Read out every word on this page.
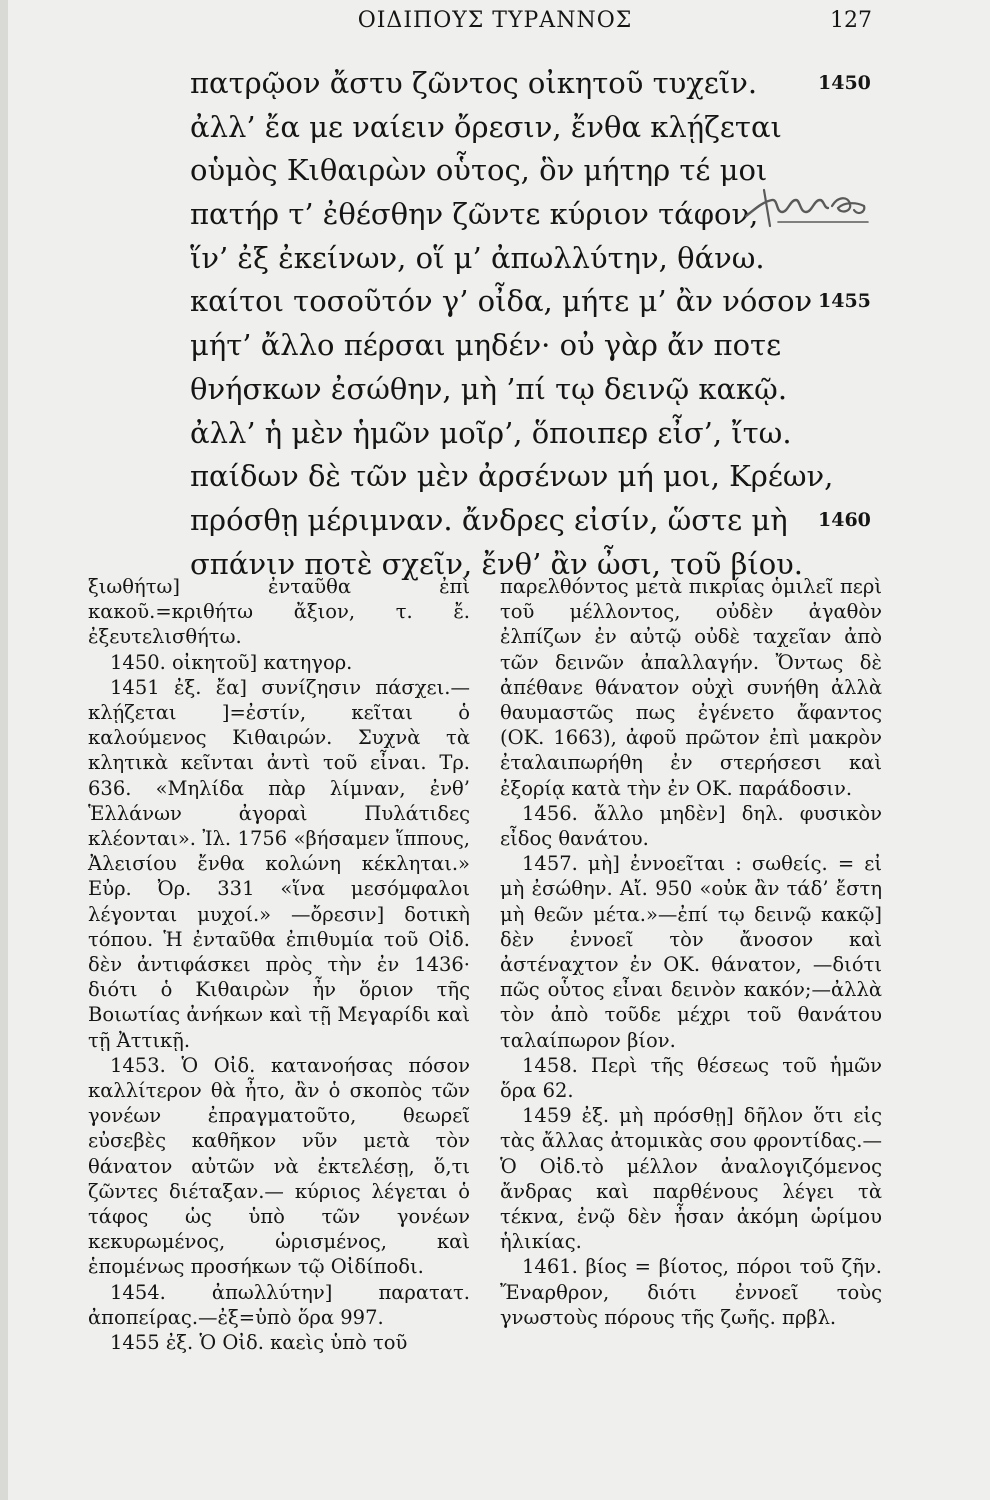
ΟΙΔΙΠΟΥΣ ΤΥΡΑΝΝΟΣ	127
πατρῷον ἄστυ ζῶντος οἰκητοῦ τυχεῖν.	1450
ἀλλ’ ἔα με ναίειν ὄρεσιν, ἔνθα κλῄζεται
οὑμὸς Κιθαιρὼν οὗτος, ὃν μήτηρ τέ μοι
πατήρ τ’ ἐθέσθην ζῶντε κύριον τάφον,
ἵν’ ἐξ ἐκείνων, οἵ μ’ ἀπωλλύτην, θάνω.
καίτοι τοσοῦτόν γ’ οἶδα, μήτε μ’ ἂν νόσον 1455
μήτ’ ἄλλο πέρσαι μηδέν· οὐ γὰρ ἄν ποτε
θνήσκων ἐσώθην, μὴ ’πί τῳ δεινῷ κακῷ.
ἀλλ’ ἡ μὲν ἡμῶν μοῖρ’, ὅποιπερ εἶσ’, ἴτω.
παίδων δὲ τῶν μὲν ἀρσένων μή μοι, Κρέων,
πρόσθῃ μέριμναν. ἄνδρες εἰσίν, ὥστε μὴ 1460
σπάνιν ποτὲ σχεῖν, ἔνθ’ ἂν ὦσι, τοῦ βίου.

ξιωθήτω] ἐνταῦθα ἐπὶ κακοῦ.=κριθήτω ἄξιον, τ. ἔ. ἐξευτελισθήτω.

1450. οἰκητοῦ] κατηγορ.

1451 ἐξ. ἔα] συνίζησιν πάσχει.— κλῄζεται ]=ἐστίν, κεῖται ὁ καλούμενος Κιθαιρών. Συχνὰ τὰ κλητικὰ κεῖνται ἀντὶ τοῦ εἶναι. Τρ. 636. «Μηλίδα πὰρ λίμναν, ἐνθ’ Ἑλλάνων ἀγοραὶ Πυλάτιδες κλέονται». Ἰλ. 1756 «βήσαμεν ἵππους, Ἀλεισίου ἔνθα κολώνη κέκληται.» Εὐρ. Ὀρ. 331 «ἵνα μεσόμφαλοι λέγονται μυχοί.» —ὄρεσιν] δοτικὴ τόπου. Ἡ ἐνταῦθα ἐπιθυμία τοῦ Οἰδ. δὲν ἀντιφάσκει πρὸς τὴν ἐν 1436· διότι ὁ Κιθαιρὼν ἦν ὅριον τῆς Βοιωτίας ἀνήκων καὶ τῇ Μεγαρίδι καὶ τῇ Ἀττικῇ.

1453. Ὁ Οἰδ. κατανοήσας πόσον καλλίτερον θὰ ἦτο, ἂν ὁ σκοπὸς τῶν γονέων ἐπραγματοῦτο, θεωρεῖ εὐσεβὲς καθῆκον νῦν μετὰ τὸν θάνατον αὐτῶν νὰ ἐκτελέσῃ, ὅ,τι ζῶντες διέταξαν.— κύριος λέγεται ὁ τάφος ὡς ὑπὸ τῶν γονέων κεκυρωμένος, ὡρισμένος, καὶ ἑπομένως προσήκων τῷ Οἰδίποδι.

1454. ἀπωλλύτην] παρατατ. ἀποπείρας.—ἐξ=ὑπὸ ὅρα 997.

1455 ἐξ. Ὁ Οἰδ. καεὶς ὑπὸ τοῦ

παρελθόντος μετὰ πικρίας ὁμιλεῖ περὶ τοῦ μέλλοντος, οὐδὲν ἀγαθὸν ἐλπίζων ἐν αὐτῷ οὐδὲ ταχεῖαν ἀπὸ τῶν δεινῶν ἀπαλλαγήν. Ὄντως δὲ ἀπέθανε θάνατον οὐχὶ συνήθη ἀλλὰ θαυμαστῶς πως ἐγένετο ἄφαντος (ΟΚ. 1663), ἀφοῦ πρῶτον ἐπὶ μακρὸν ἐταλαιπωρήθη ἐν στερήσεσι καὶ ἐξορίᾳ κατὰ τὴν ἐν ΟΚ. παράδοσιν.

1456. ἄλλο μηδὲν] δηλ. φυσικὸν εἶδος θανάτου.

1457. μὴ] ἐννοεῖται : σωθείς. = εἰ μὴ ἐσώθην. Αἴ. 950 «οὐκ ἂν τάδ’ ἔστη μὴ θεῶν μέτα.»—ἐπί τῳ δεινῷ κακῷ] δὲν ἐννοεῖ τὸν ἄνοσον καὶ ἀστέναχτον ἐν ΟΚ. θάνατον, —διότι πῶς οὗτος εἶναι δεινὸν κακόν;—ἀλλὰ τὸν ἀπὸ τοῦδε μέχρι τοῦ θανάτου ταλαίπωρον βίον.

1458. Περὶ τῆς θέσεως τοῦ ἡμῶν ὅρα 62.

1459 ἐξ. μὴ πρόσθῃ] δῆλον ὅτι εἰς τὰς ἄλλας ἀτομικὰς σου φροντίδας.—Ὁ Οἰδ.τὸ μέλλον ἀναλογιζόμενος ἄνδρας καὶ παρθένους λέγει τὰ τέκνα, ἐνῷ δὲν ἦσαν ἀκόμη ὡρίμου ἡλικίας.

1461. βίος = βίοτος, πόροι τοῦ ζῆν. Ἔναρθρον, διότι ἐννοεῖ τοὺς γνωστοὺς πόρους τῆς ζωῆς. πρβλ.
